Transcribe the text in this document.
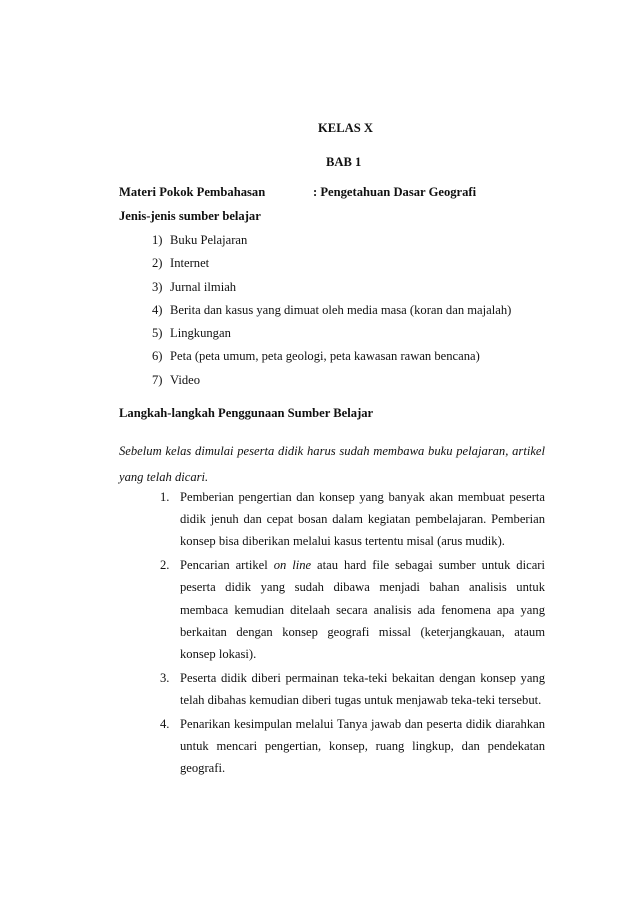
KELAS X

BAB 1

Materi Pokok Pembahasan	: Pengetahuan Dasar Geografi

Jenis-jenis sumber belajar

1) Buku Pelajaran
2) Internet
3) Jurnal ilmiah
4) Berita dan kasus yang dimuat oleh media masa (koran dan majalah)
5) Lingkungan
6) Peta (peta umum, peta geologi, peta kawasan rawan bencana)
7) Video

Langkah-langkah Penggunaan Sumber Belajar

Sebelum kelas dimulai peserta didik harus sudah membawa buku pelajaran, artikel yang telah dicari.

1. Pemberian pengertian dan konsep yang banyak akan membuat peserta didik jenuh dan cepat bosan dalam kegiatan pembelajaran. Pemberian konsep bisa diberikan melalui kasus tertentu misal (arus mudik).
2. Pencarian artikel on line atau hard file sebagai sumber untuk dicari peserta didik yang sudah dibawa menjadi bahan analisis untuk membaca kemudian ditelaah secara analisis ada fenomena apa yang berkaitan dengan konsep geografi missal (keterjangkauan, ataum konsep lokasi).
3. Peserta didik diberi permainan teka-teki bekaitan dengan konsep yang telah dibahas kemudian diberi tugas untuk menjawab teka-teki tersebut.
4. Penarikan kesimpulan melalui Tanya jawab dan peserta didik diarahkan untuk mencari pengertian, konsep, ruang lingkup, dan pendekatan geografi.
